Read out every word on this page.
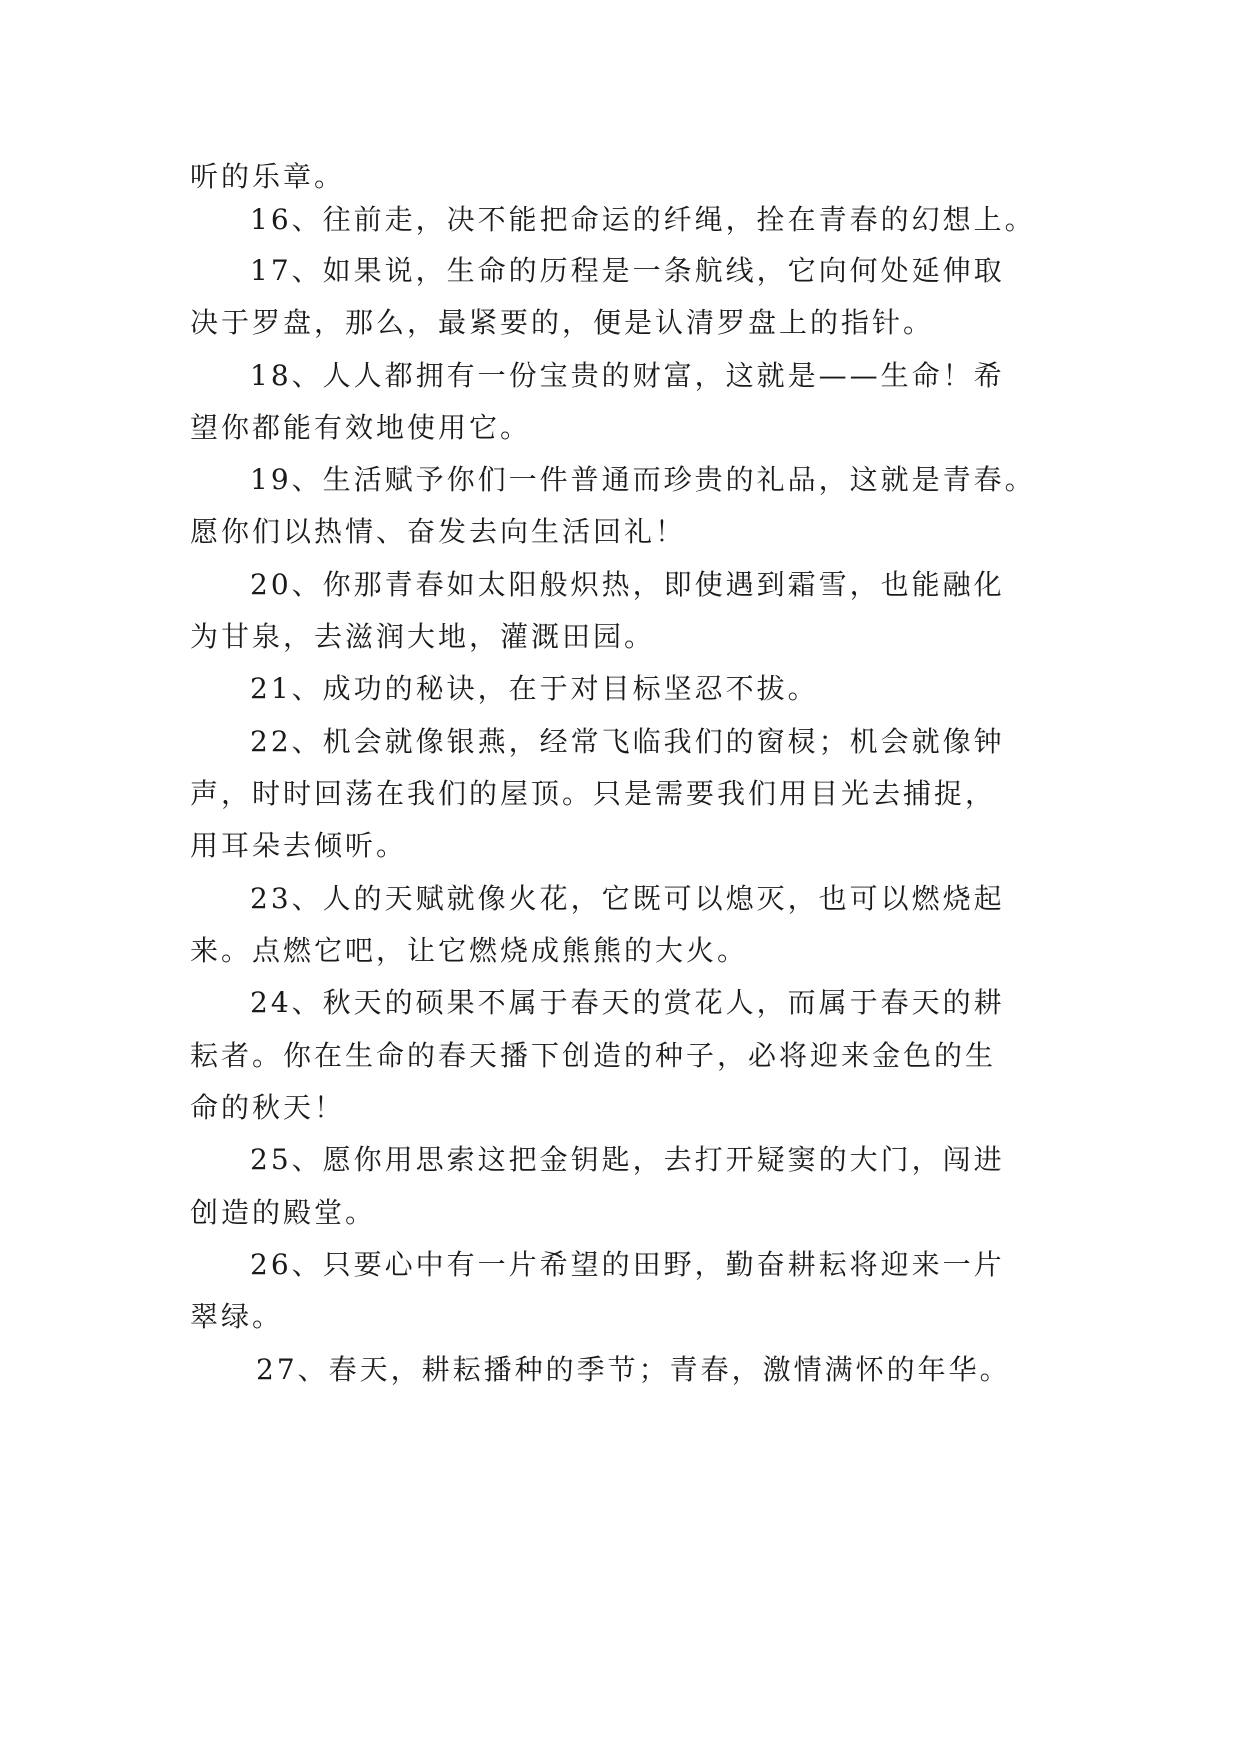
听的乐章。
16、往前走，决不能把命运的纤绳，拴在青春的幻想上。
17、如果说，生命的历程是一条航线，它向何处延伸取
决于罗盘，那么，最紧要的，便是认清罗盘上的指针。
18、人人都拥有一份宝贵的财富，这就是——生命！希
望你都能有效地使用它。
19、生活赋予你们一件普通而珍贵的礼品，这就是青春。
愿你们以热情、奋发去向生活回礼！
20、你那青春如太阳般炽热，即使遇到霜雪，也能融化
为甘泉，去滋润大地，灌溉田园。
21、成功的秘诀，在于对目标坚忍不拔。
22、机会就像银燕，经常飞临我们的窗棂；机会就像钟
声，时时回荡在我们的屋顶。只是需要我们用目光去捕捉，
用耳朵去倾听。
23、人的天赋就像火花，它既可以熄灭，也可以燃烧起
来。点燃它吧，让它燃烧成熊熊的大火。
24、秋天的硕果不属于春天的赏花人，而属于春天的耕
耘者。你在生命的春天播下创造的种子，必将迎来金色的生
命的秋天！
25、愿你用思索这把金钥匙，去打开疑窦的大门，闯进
创造的殿堂。
26、只要心中有一片希望的田野，勤奋耕耘将迎来一片
翠绿。
27、春天，耕耘播种的季节；青春，激情满怀的年华。
